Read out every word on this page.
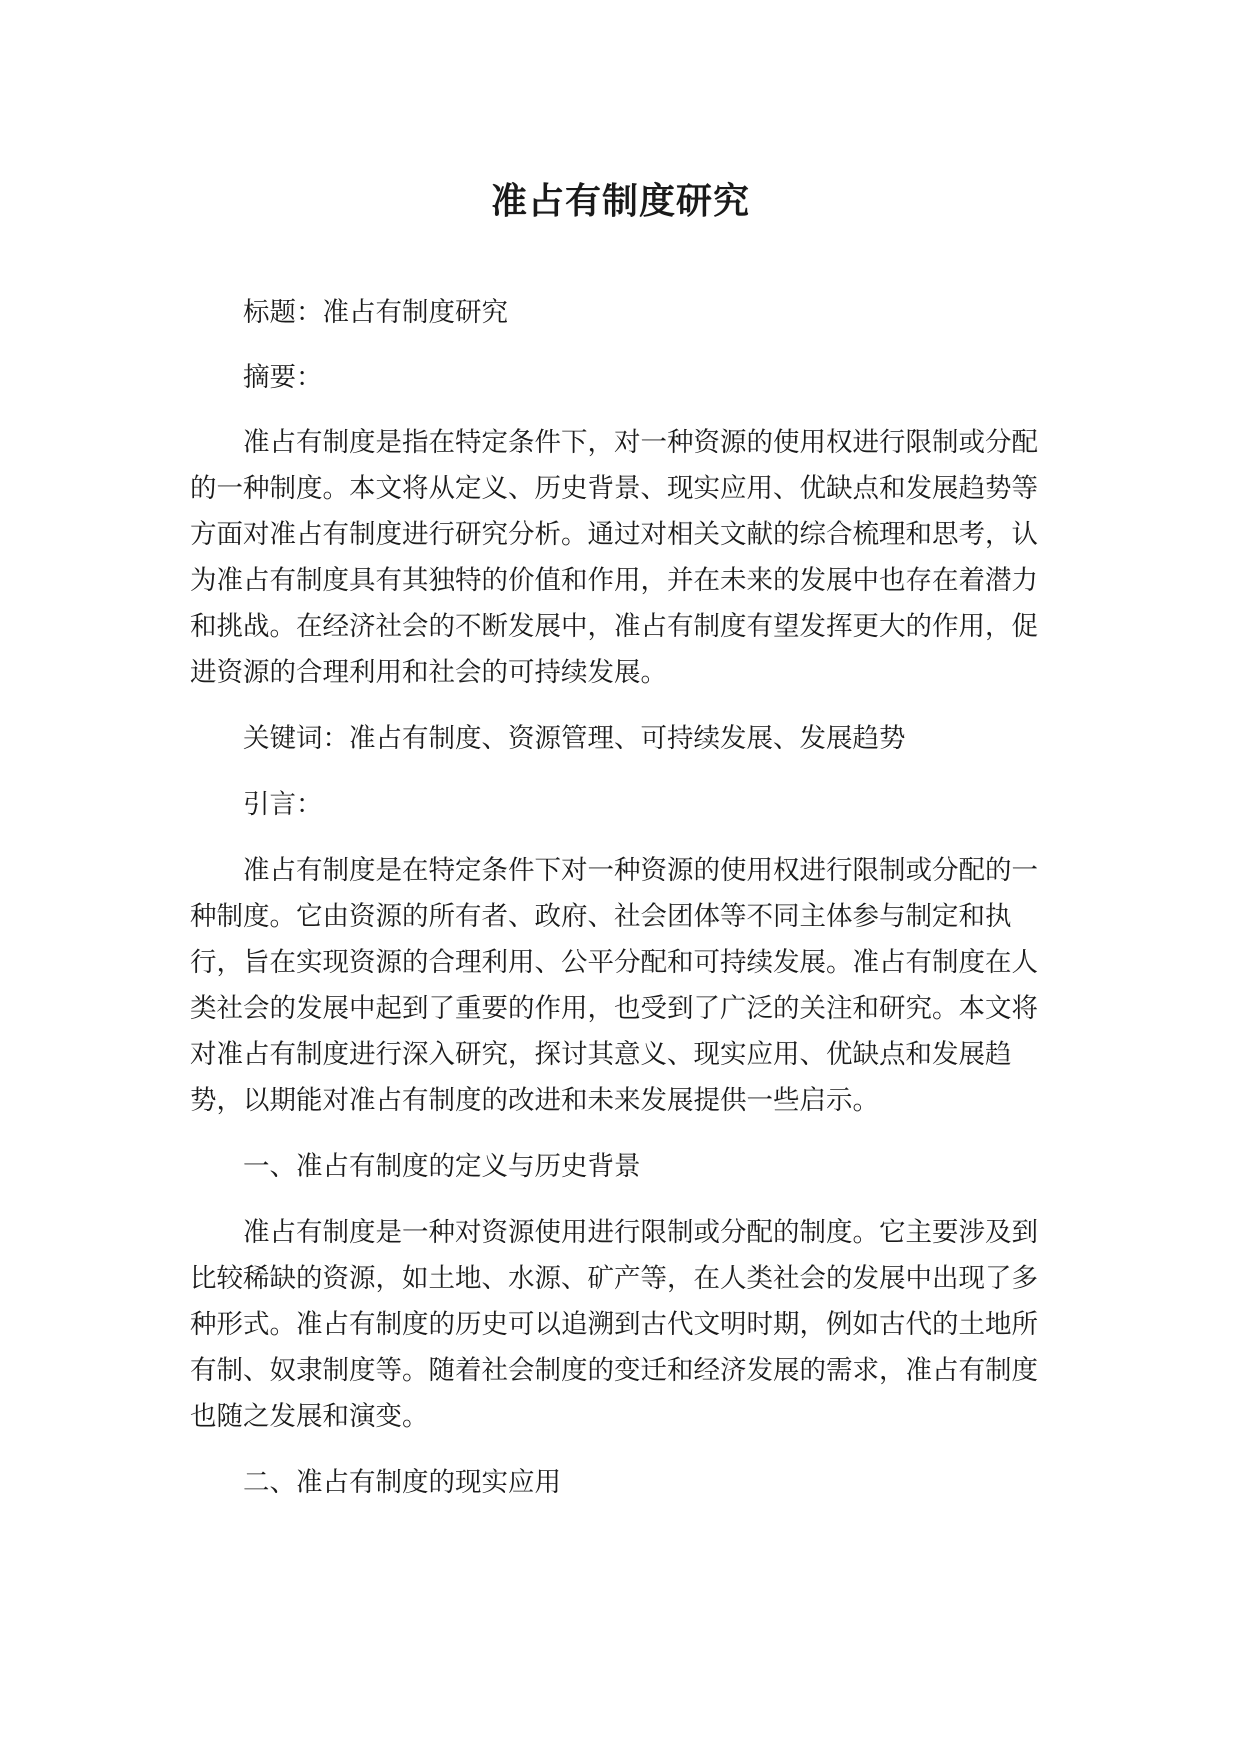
准占有制度研究

标题：准占有制度研究

摘要：

准占有制度是指在特定条件下，对一种资源的使用权进行限制或分配的一种制度。本文将从定义、历史背景、现实应用、优缺点和发展趋势等方面对准占有制度进行研究分析。通过对相关文献的综合梳理和思考，认为准占有制度具有其独特的价值和作用，并在未来的发展中也存在着潜力和挑战。在经济社会的不断发展中，准占有制度有望发挥更大的作用，促进资源的合理利用和社会的可持续发展。

关键词：准占有制度、资源管理、可持续发展、发展趋势

引言：

准占有制度是在特定条件下对一种资源的使用权进行限制或分配的一种制度。它由资源的所有者、政府、社会团体等不同主体参与制定和执行，旨在实现资源的合理利用、公平分配和可持续发展。准占有制度在人类社会的发展中起到了重要的作用，也受到了广泛的关注和研究。本文将对准占有制度进行深入研究，探讨其意义、现实应用、优缺点和发展趋势，以期能对准占有制度的改进和未来发展提供一些启示。

一、准占有制度的定义与历史背景

准占有制度是一种对资源使用进行限制或分配的制度。它主要涉及到比较稀缺的资源，如土地、水源、矿产等，在人类社会的发展中出现了多种形式。准占有制度的历史可以追溯到古代文明时期，例如古代的土地所有制、奴隶制度等。随着社会制度的变迁和经济发展的需求，准占有制度也随之发展和演变。

二、准占有制度的现实应用
